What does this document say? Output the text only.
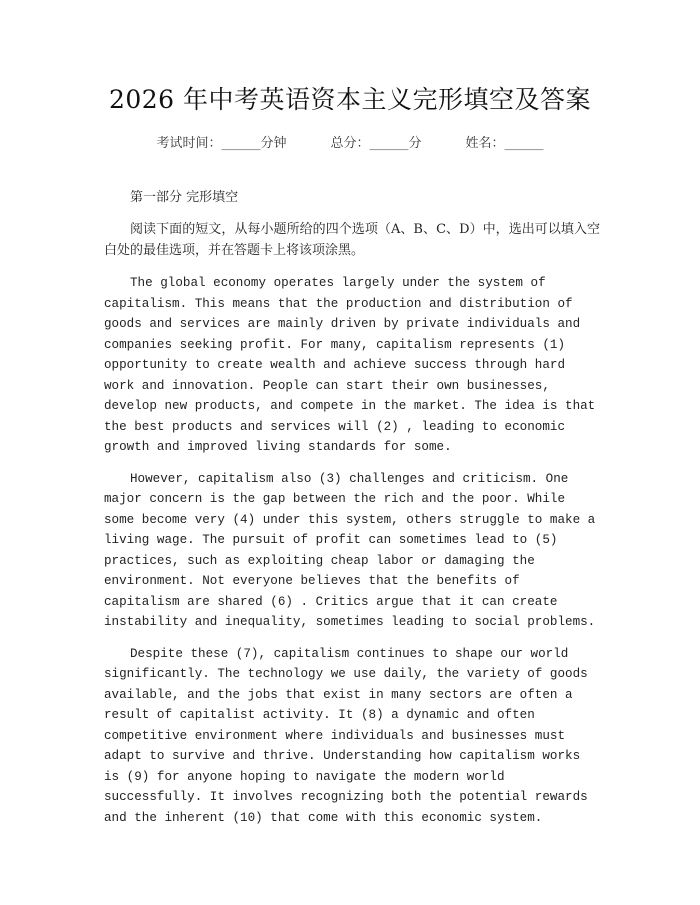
2026 年中考英语资本主义完形填空及答案
考试时间：______分钟	总分：______分	姓名：______
第一部分 完形填空

阅读下面的短文，从每小题所给的四个选项（A、B、C、D）中，选出可以填入空白处的最佳选项，并在答题卡上将该项涂黑。

The global economy operates largely under the system of capitalism. This means that the production and distribution of goods and services are mainly driven by private individuals and companies seeking profit. For many, capitalism represents (1) opportunity to create wealth and achieve success through hard work and innovation. People can start their own businesses, develop new products, and compete in the market. The idea is that the best products and services will (2) , leading to economic growth and improved living standards for some.

However, capitalism also (3) challenges and criticism. One major concern is the gap between the rich and the poor. While some become very (4) under this system, others struggle to make a living wage. The pursuit of profit can sometimes lead to (5) practices, such as exploiting cheap labor or damaging the environment. Not everyone believes that the benefits of capitalism are shared (6) . Critics argue that it can create instability and inequality, sometimes leading to social problems.

Despite these (7), capitalism continues to shape our world significantly. The technology we use daily, the variety of goods available, and the jobs that exist in many sectors are often a result of capitalist activity. It (8) a dynamic and often competitive environment where individuals and businesses must adapt to survive and thrive. Understanding how capitalism works is (9) for anyone hoping to navigate the modern world successfully. It involves recognizing both the potential rewards and the inherent (10) that come with this economic system.
